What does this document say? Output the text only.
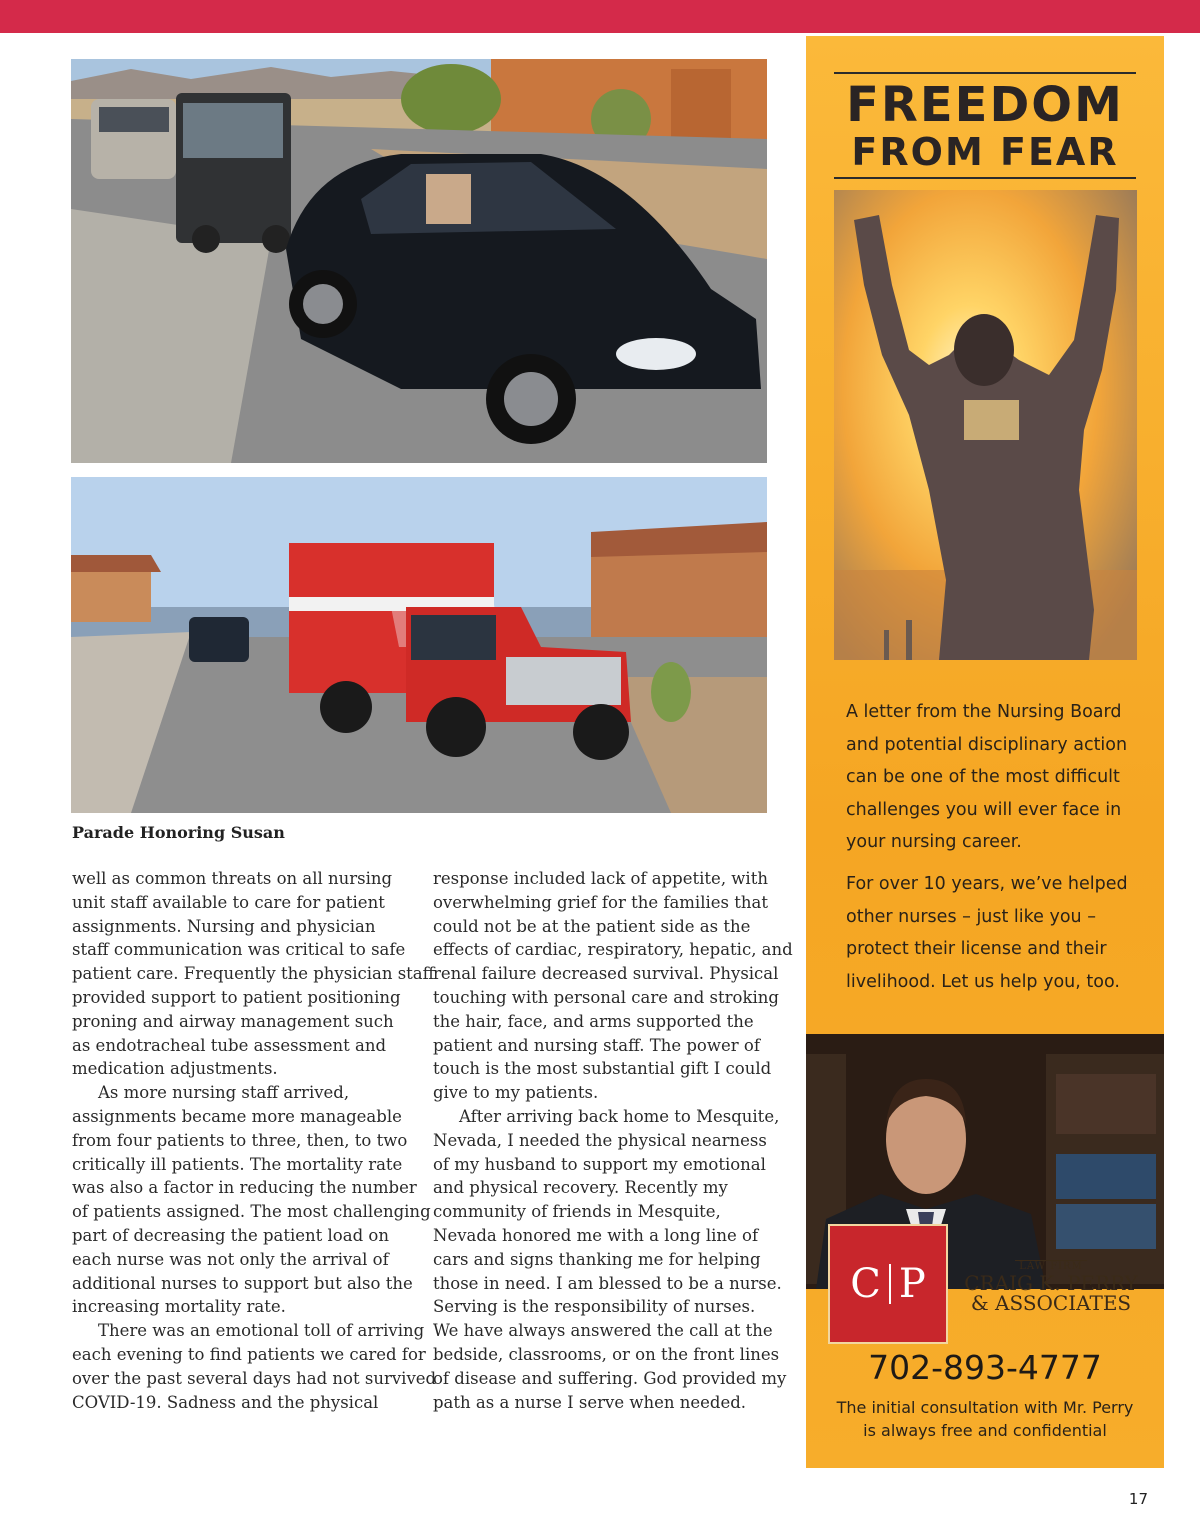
Parade Honoring Susan

well as common threats on all nursing
unit staff available to care for patient
assignments. Nursing and physician
staff communication was critical to safe
patient care. Frequently the physician staff
provided support to patient positioning
proning and airway management such
as endotracheal tube assessment and
medication adjustments.

As more nursing staff arrived,
assignments became more manageable
from four patients to three, then, to two
critically ill patients. The mortality rate
was also a factor in reducing the number
of patients assigned. The most challenging
part of decreasing the patient load on
each nurse was not only the arrival of
additional nurses to support but also the
increasing mortality rate.

There was an emotional toll of arriving
each evening to find patients we cared for
over the past several days had not survived
COVID-19. Sadness and the physical

response included lack of appetite, with
overwhelming grief for the families that
could not be at the patient side as the
effects of cardiac, respiratory, hepatic, and
renal failure decreased survival. Physical
touching with personal care and stroking
the hair, face, and arms supported the
patient and nursing staff. The power of
touch is the most substantial gift I could
give to my patients.

After arriving back home to Mesquite,
Nevada, I needed the physical nearness
of my husband to support my emotional
and physical recovery. Recently my
community of friends in Mesquite,
Nevada honored me with a long line of
cars and signs thanking me for helping
those in need. I am blessed to be a nurse.
Serving is the responsibility of nurses.
We have always answered the call at the
bedside, classrooms, or on the front lines
of disease and suffering. God provided my
path as a nurse I serve when needed.

FREEDOM
FROM FEAR
A letter from the Nursing Board
and potential disciplinary action
can be one of the most difficult
challenges you will ever face in
your nursing career.
For over 10 years, we’ve helped
other nurses – just like you –
protect their license and their
livelihood. Let us help you, too.
C P	LAW FIRM
CRAIG K. PERRY
& ASSOCIATES
702-893-4777
The initial consultation with Mr. Perry
is always free and confidential
17
